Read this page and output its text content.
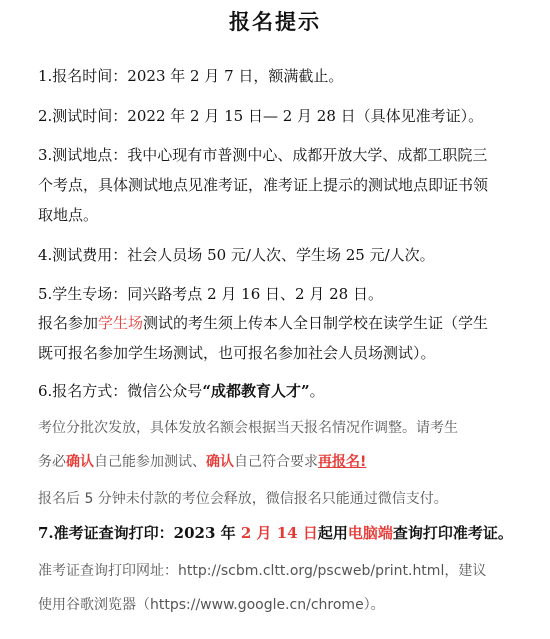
报名提示
1.报名时间：2023 年 2 月 7 日，额满截止。
2.测试时间：2022 年 2 月 15 日— 2 月 28 日（具体见准考证）。
3.测试地点：我中心现有市普测中心、成都开放大学、成都工职院三
个考点，具体测试地点见准考证，准考证上提示的测试地点即证书领
取地点。
4.测试费用：社会人员场 50 元/人次、学生场 25 元/人次。
5.学生专场：同兴路考点 2 月 16 日、2 月 28 日。
报名参加学生场测试的考生须上传本人全日制学校在读学生证（学生
既可报名参加学生场测试，也可报名参加社会人员场测试）。
6.报名方式：微信公众号“成都教育人才”。
考位分批次发放，具体发放名额会根据当天报名情况作调整。请考生
务必确认自己能参加测试、确认自己符合要求再报名!
报名后 5 分钟未付款的考位会释放，微信报名只能通过微信支付。
7.准考证查询打印：2023 年 2 月 14 日起用电脑端查询打印准考证。
准考证查询打印网址：http://scbm.cltt.org/pscweb/print.html，建议
使用谷歌浏览器（https://www.google.cn/chrome）。
